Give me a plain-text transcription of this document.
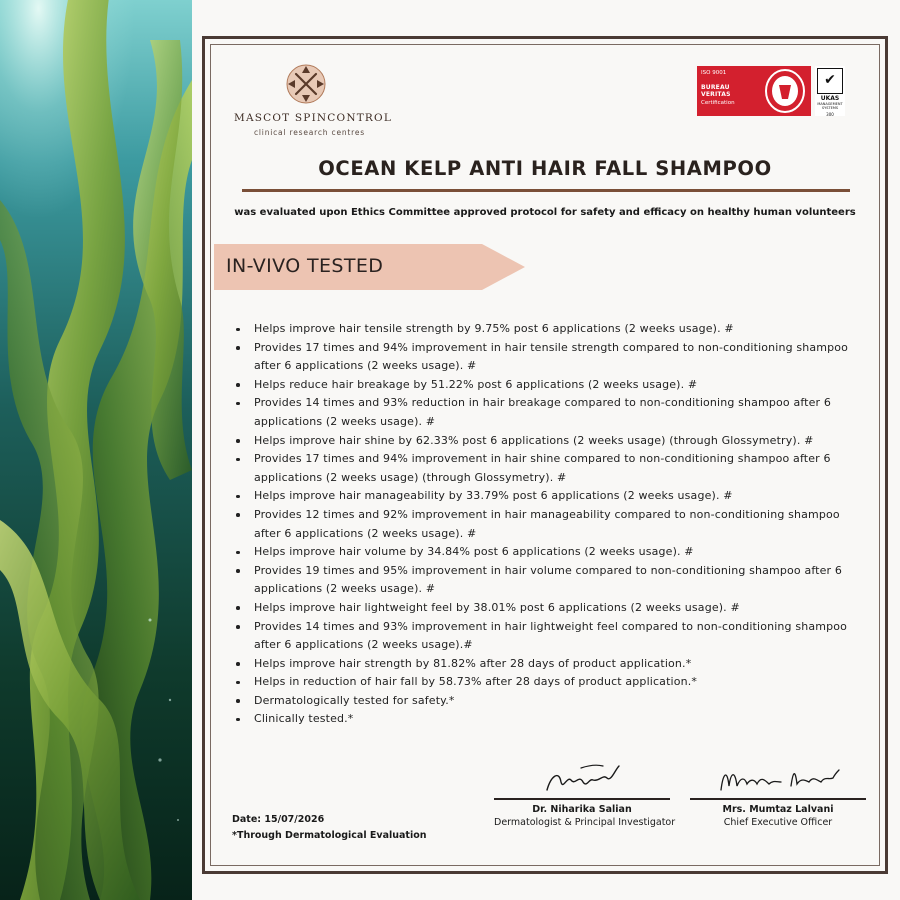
MASCOT SPINCONTROL
clinical research centres
ISO 9001
BUREAU VERITAS
Certification
✔
UKAS
MANAGEMENT SYSTEMS
300
OCEAN KELP ANTI HAIR FALL SHAMPOO
was evaluated upon Ethics Committee approved protocol for safety and efficacy on healthy human volunteers
IN-VIVO TESTED
Helps improve hair tensile strength by 9.75% post 6 applications (2 weeks usage). #
Provides 17 times and 94% improvement in hair tensile strength compared to non-conditioning shampoo after 6 applications (2 weeks usage). #
Helps reduce hair breakage by 51.22% post 6 applications (2 weeks usage). #
Provides 14 times and 93% reduction in hair breakage compared to non-conditioning shampoo after 6 applications (2 weeks usage). #
Helps improve hair shine by 62.33% post 6 applications (2 weeks usage) (through Glossymetry). #
Provides 17 times and 94% improvement in hair shine compared to non-conditioning shampoo after 6 applications (2 weeks usage) (through Glossymetry). #
Helps improve hair manageability by 33.79% post 6 applications (2 weeks usage). #
Provides 12 times and 92% improvement in hair manageability compared to non-conditioning shampoo after 6 applications (2 weeks usage). #
Helps improve hair volume by 34.84% post 6 applications (2 weeks usage). #
Provides 19 times and 95% improvement in hair volume compared to non-conditioning shampoo after 6 applications (2 weeks usage). #
Helps improve hair lightweight feel by 38.01% post 6 applications (2 weeks usage). #
Provides 14 times and 93% improvement in hair lightweight feel compared to non-conditioning shampoo after 6 applications (2 weeks usage).#
Helps improve hair strength by 81.82% after 28 days of product application.*
Helps in reduction of hair fall by 58.73% after 28 days of product application.*
Dermatologically tested for safety.*
Clinically tested.*
Date: 15/07/2026
*Through Dermatological Evaluation
Dr. Niharika Salian
Dermatologist & Principal Investigator
Mrs. Mumtaz Lalvani
Chief Executive Officer
